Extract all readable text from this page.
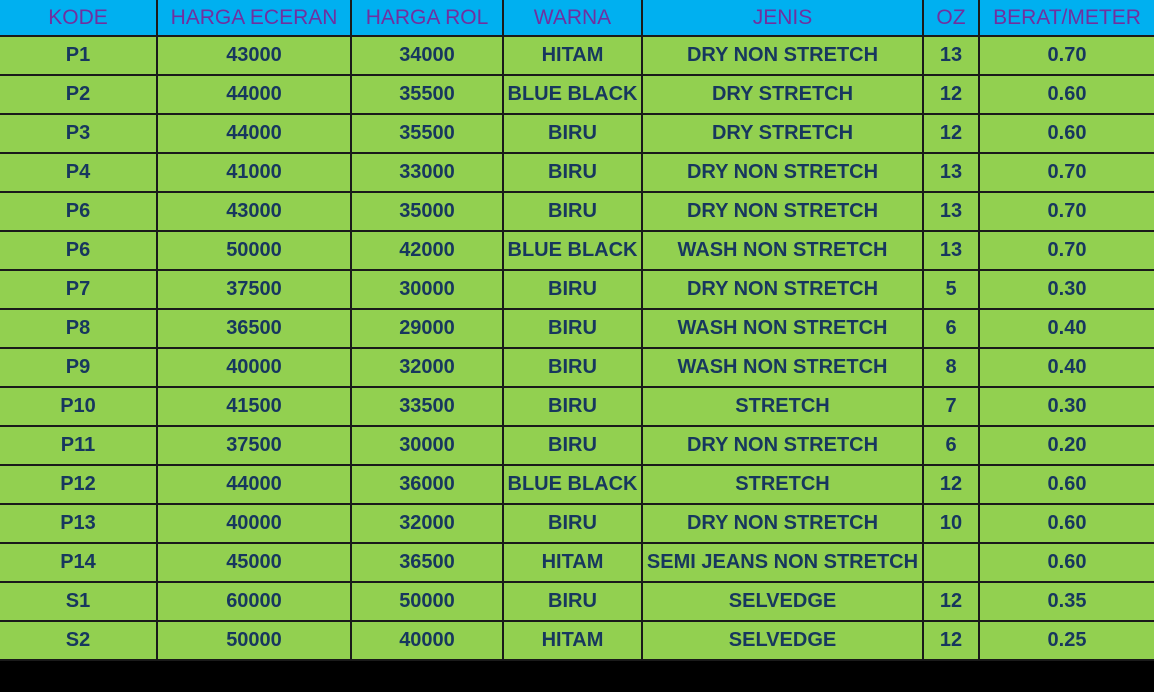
KODE	HARGA ECERAN	HARGA ROL	WARNA	JENIS	OZ	BERAT/METER
P1	43000	34000	HITAM	DRY NON STRETCH	13	0.70
P2	44000	35500	BLUE BLACK	DRY STRETCH	12	0.60
P3	44000	35500	BIRU	DRY STRETCH	12	0.60
P4	41000	33000	BIRU	DRY NON STRETCH	13	0.70
P6	43000	35000	BIRU	DRY NON STRETCH	13	0.70
P6	50000	42000	BLUE BLACK	WASH NON STRETCH	13	0.70
P7	37500	30000	BIRU	DRY NON STRETCH	5	0.30
P8	36500	29000	BIRU	WASH NON STRETCH	6	0.40
P9	40000	32000	BIRU	WASH NON STRETCH	8	0.40
P10	41500	33500	BIRU	STRETCH	7	0.30
P11	37500	30000	BIRU	DRY NON STRETCH	6	0.20
P12	44000	36000	BLUE BLACK	STRETCH	12	0.60
P13	40000	32000	BIRU	DRY NON STRETCH	10	0.60
P14	45000	36500	HITAM	SEMI JEANS NON STRETCH		0.60
S1	60000	50000	BIRU	SELVEDGE	12	0.35
S2	50000	40000	HITAM	SELVEDGE	12	0.25
